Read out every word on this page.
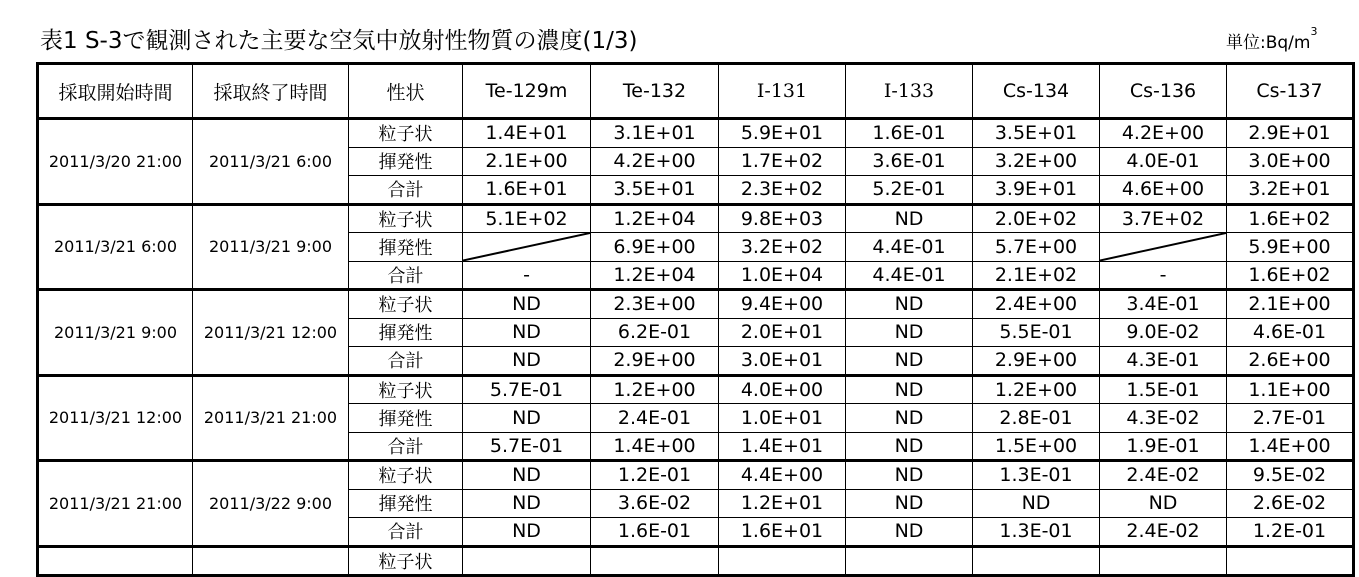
表1 S-3で観測された主要な空気中放射性物質の濃度(1/3)	単位$:Bq/m^3$
採取開始時間	採取終了時間	性状	Te-129m	Te-132	I-131	I-133	Cs-134	Cs-136	Cs-137
2011/3/20 21:00	2011/3/21 6:00	粒子状	1.4E+01	3.1E+01	5.9E+01	1.6E-01	3.5E+01	4.2E+00	2.9E+01
		揮発性	2.1E+00	4.2E+00	1.7E+02	3.6E-01	3.2E+00	4.0E-01	3.0E+00
		合計	1.6E+01	3.5E+01	2.3E+02	5.2E-01	3.9E+01	4.6E+00	3.2E+01
2011/3/21 6:00	2011/3/21 9:00	粒子状	5.1E+02	1.2E+04	9.8E+03	ND	2.0E+02	3.7E+02	1.6E+02
		揮発性		6.9E+00	3.2E+02	4.4E-01	5.7E+00		5.9E+00
		合計	-	1.2E+04	1.0E+04	4.4E-01	2.1E+02	-	1.6E+02
2011/3/21 9:00	2011/3/21 12:00	粒子状	ND	2.3E+00	9.4E+00	ND	2.4E+00	3.4E-01	2.1E+00
		揮発性	ND	6.2E-01	2.0E+01	ND	5.5E-01	9.0E-02	4.6E-01
		合計	ND	2.9E+00	3.0E+01	ND	2.9E+00	4.3E-01	2.6E+00
2011/3/21 12:00	2011/3/21 21:00	粒子状	5.7E-01	1.2E+00	4.0E+00	ND	1.2E+00	1.5E-01	1.1E+00
		揮発性	ND	2.4E-01	1.0E+01	ND	2.8E-01	4.3E-02	2.7E-01
		合計	5.7E-01	1.4E+00	1.4E+01	ND	1.5E+00	1.9E-01	1.4E+00
2011/3/21 21:00	2011/3/22 9:00	粒子状	ND	1.2E-01	4.4E+00	ND	1.3E-01	2.4E-02	9.5E-02
		揮発性	ND	3.6E-02	1.2E+01	ND	ND	ND	2.6E-02
		合計	ND	1.6E-01	1.6E+01	ND	1.3E-01	2.4E-02	1.2E-01
		粒子状							
